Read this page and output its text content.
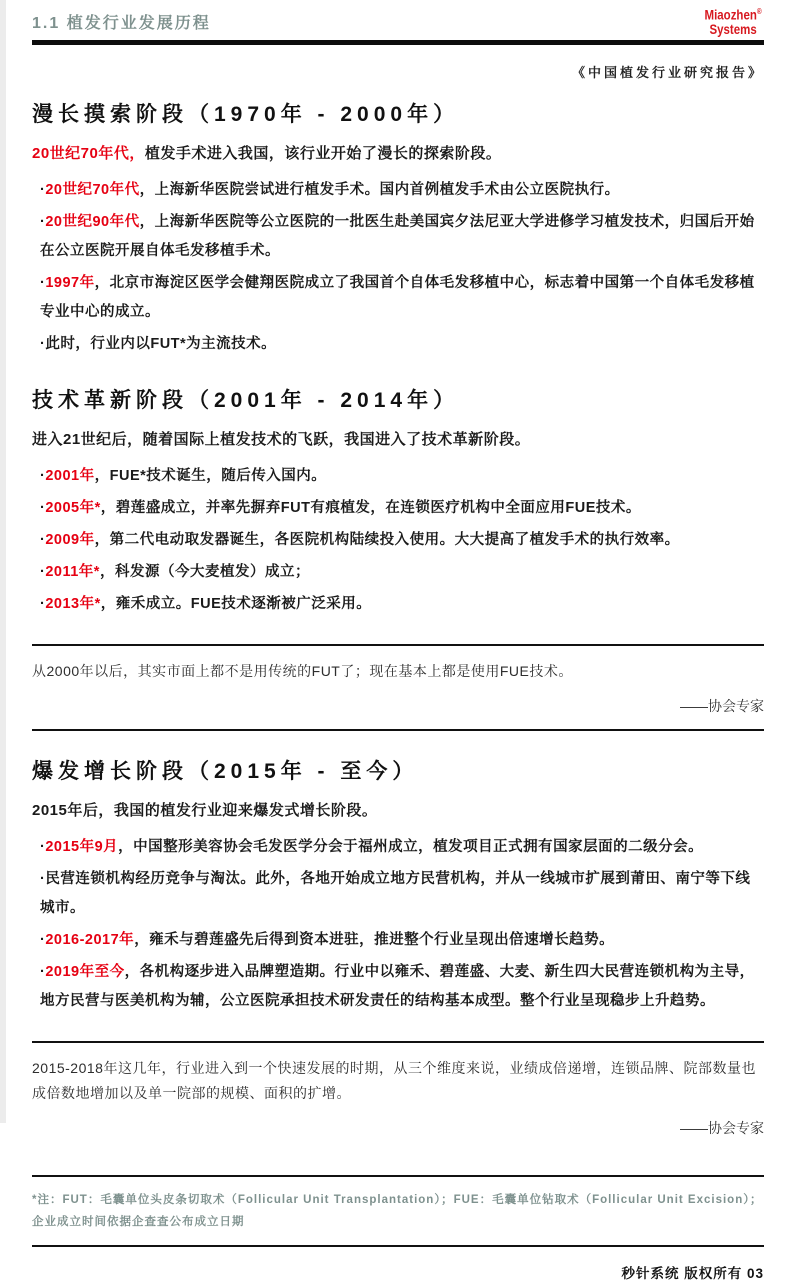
1.1 植发行业发展历程
Miaozhen®
Systems
《中国植发行业研究报告》
漫长摸索阶段（1970年 - 2000年）

20世纪70年代，植发手术进入我国，该行业开始了漫长的探索阶段。

·20世纪70年代，上海新华医院尝试进行植发手术。国内首例植发手术由公立医院执行。

·20世纪90年代，上海新华医院等公立医院的一批医生赴美国宾夕法尼亚大学进修学习植发技术，归国后开始在公立医院开展自体毛发移植手术。

·1997年，北京市海淀区医学会健翔医院成立了我国首个自体毛发移植中心，标志着中国第一个自体毛发移植专业中心的成立。

·此时，行业内以FUT*为主流技术。

技术革新阶段（2001年 - 2014年）

进入21世纪后，随着国际上植发技术的飞跃，我国进入了技术革新阶段。

·2001年，FUE*技术诞生，随后传入国内。

·2005年*，碧莲盛成立，并率先摒弃FUT有痕植发，在连锁医疗机构中全面应用FUE技术。

·2009年，第二代电动取发器诞生，各医院机构陆续投入使用。大大提高了植发手术的执行效率。

·2011年*，科发源（今大麦植发）成立；

·2013年*，雍禾成立。FUE技术逐渐被广泛采用。

从2000年以后，其实市面上都不是用传统的FUT了；现在基本上都是使用FUE技术。

——协会专家

爆发增长阶段（2015年 - 至今）

2015年后，我国的植发行业迎来爆发式增长阶段。

·2015年9月，中国整形美容协会毛发医学分会于福州成立，植发项目正式拥有国家层面的二级分会。

·民营连锁机构经历竞争与淘汰。此外，各地开始成立地方民营机构，并从一线城市扩展到莆田、南宁等下线城市。

·2016-2017年，雍禾与碧莲盛先后得到资本进驻，推进整个行业呈现出倍速增长趋势。

·2019年至今，各机构逐步进入品牌塑造期。行业中以雍禾、碧莲盛、大麦、新生四大民营连锁机构为主导，地方民营与医美机构为辅，公立医院承担技术研发责任的结构基本成型。整个行业呈现稳步上升趋势。

2015-2018年这几年，行业进入到一个快速发展的时期，从三个维度来说，业绩成倍递增，连锁品牌、院部数量也成倍数地增加以及单一院部的规模、面积的扩增。

——协会专家

*注：FUT：毛囊单位头皮条切取术（Follicular Unit Transplantation）；FUE：毛囊单位钻取术（Follicular Unit Excision）；企业成立时间依据企查查公布成立日期

秒针系统 版权所有 03
